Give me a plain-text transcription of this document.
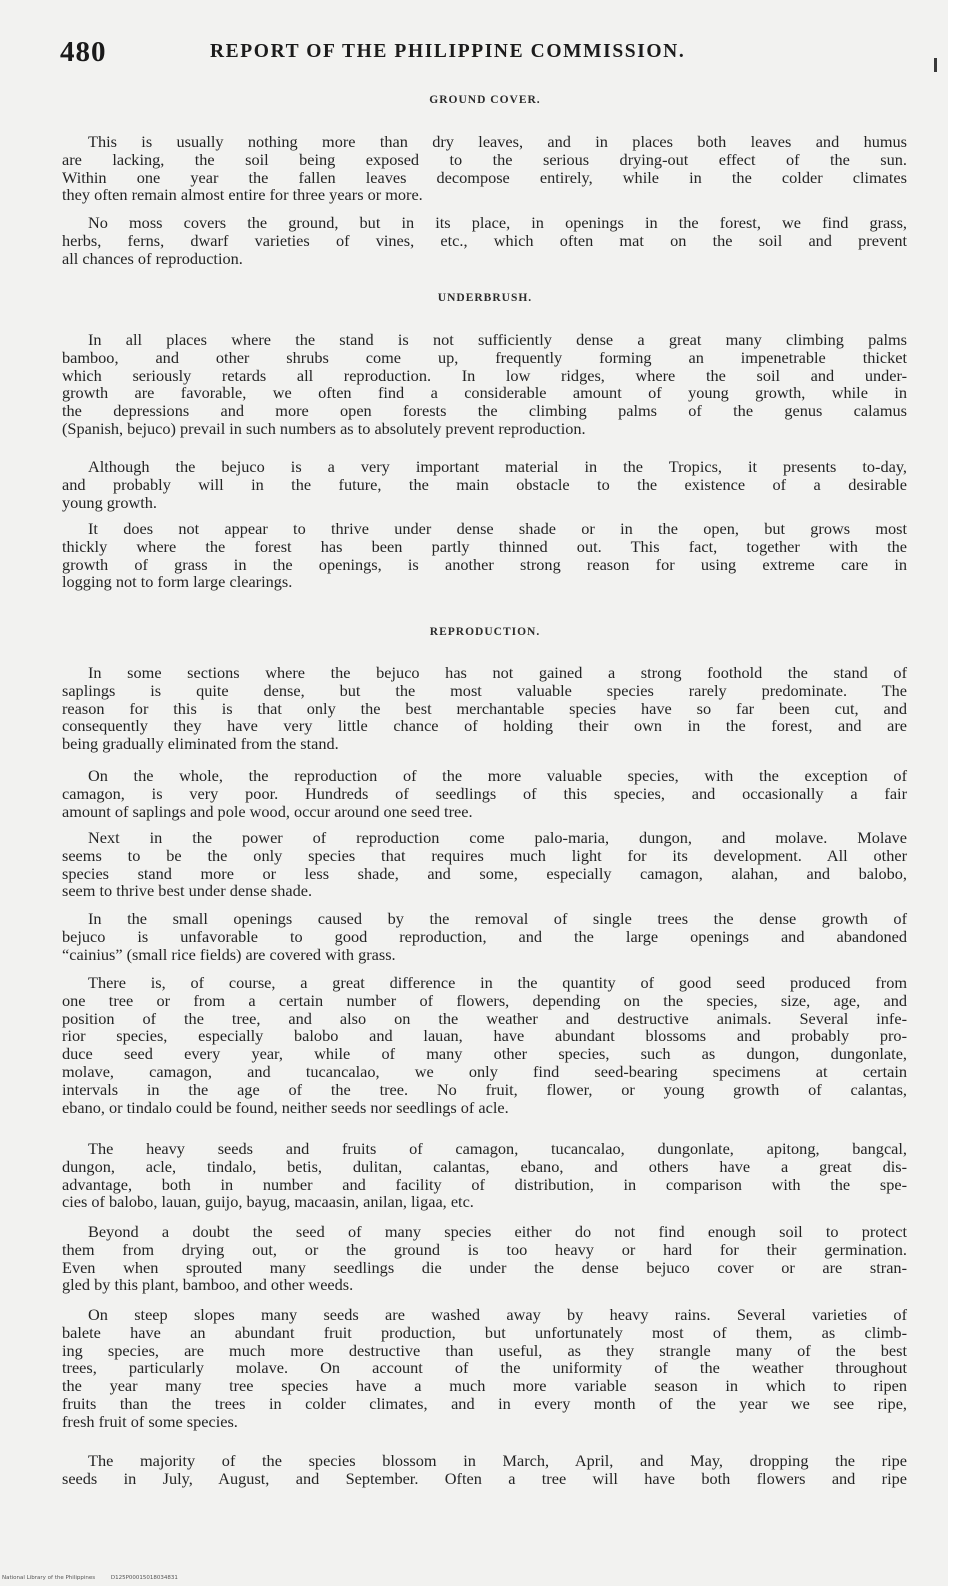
480	REPORT OF THE PHILIPPINE COMMISSION.
GROUND COVER.
This is usually nothing more than dry leaves, and in places both leaves and humus
are lacking, the soil being exposed to the serious drying-out effect of the sun.
Within one year the fallen leaves decompose entirely, while in the colder climates
they often remain almost entire for three years or more.
No moss covers the ground, but in its place, in openings in the forest, we find grass,
herbs, ferns, dwarf varieties of vines, etc., which often mat on the soil and prevent
all chances of reproduction.
UNDERBRUSH.
In all places where the stand is not sufficiently dense a great many climbing palms
bamboo, and other shrubs come up, frequently forming an impenetrable thicket
which seriously retards all reproduction. In low ridges, where the soil and under-
growth are favorable, we often find a considerable amount of young growth, while in
the depressions and more open forests the climbing palms of the genus calamus
(Spanish, bejuco) prevail in such numbers as to absolutely prevent reproduction.
Although the bejuco is a very important material in the Tropics, it presents to-day,
and probably will in the future, the main obstacle to the existence of a desirable
young growth.
It does not appear to thrive under dense shade or in the open, but grows most
thickly where the forest has been partly thinned out. This fact, together with the
growth of grass in the openings, is another strong reason for using extreme care in
logging not to form large clearings.
REPRODUCTION.
In some sections where the bejuco has not gained a strong foothold the stand of
saplings is quite dense, but the most valuable species rarely predominate. The
reason for this is that only the best merchantable species have so far been cut, and
consequently they have very little chance of holding their own in the forest, and are
being gradually eliminated from the stand.
On the whole, the reproduction of the more valuable species, with the exception of
camagon, is very poor. Hundreds of seedlings of this species, and occasionally a fair
amount of saplings and pole wood, occur around one seed tree.
Next in the power of reproduction come palo-maria, dungon, and molave. Molave
seems to be the only species that requires much light for its development. All other
species stand more or less shade, and some, especially camagon, alahan, and balobo,
seem to thrive best under dense shade.
In the small openings caused by the removal of single trees the dense growth of
bejuco is unfavorable to good reproduction, and the large openings and abandoned
“cainius” (small rice fields) are covered with grass.
There is, of course, a great difference in the quantity of good seed produced from
one tree or from a certain number of flowers, depending on the species, size, age, and
position of the tree, and also on the weather and destructive animals. Several infe-
rior species, especially balobo and lauan, have abundant blossoms and probably pro-
duce seed every year, while of many other species, such as dungon, dungonlate,
molave, camagon, and tucancalao, we only find seed-bearing specimens at certain
intervals in the age of the tree. No fruit, flower, or young growth of calantas,
ebano, or tindalo could be found, neither seeds nor seedlings of acle.
The heavy seeds and fruits of camagon, tucancalao, dungonlate, apitong, bangcal,
dungon, acle, tindalo, betis, dulitan, calantas, ebano, and others have a great dis-
advantage, both in number and facility of distribution, in comparison with the spe-
cies of balobo, lauan, guijo, bayug, macaasin, anilan, ligaa, etc.
Beyond a doubt the seed of many species either do not find enough soil to protect
them from drying out, or the ground is too heavy or hard for their germination.
Even when sprouted many seedlings die under the dense bejuco cover or are stran-
gled by this plant, bamboo, and other weeds.
On steep slopes many seeds are washed away by heavy rains. Several varieties of
balete have an abundant fruit production, but unfortunately most of them, as climb-
ing species, are much more destructive than useful, as they strangle many of the best
trees, particularly molave. On account of the uniformity of the weather throughout
the year many tree species have a much more variable season in which to ripen
fruits than the trees in colder climates, and in every month of the year we see ripe,
fresh fruit of some species.
The majority of the species blossom in March, April, and May, dropping the ripe
seeds in July, August, and September. Often a tree will have both flowers and ripe
National Library of the Philippines	D125P00015018034831
